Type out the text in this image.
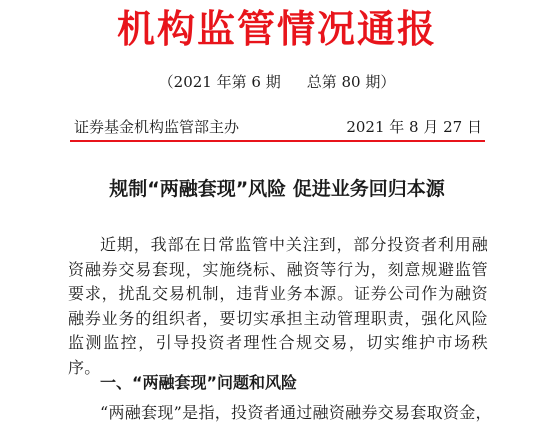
机构监管情况通报
（2021 年第 6 期 总第 80 期）
证券基金机构监管部主办	2021 年 8 月 27 日
规制“两融套现”风险 促进业务回归本源

近期，我部在日常监管中关注到，部分投资者利用融资融券交易套现，实施绕标、融资等行为，刻意规避监管要求，扰乱交易机制，违背业务本源。证券公司作为融资融券业务的组织者，要切实承担主动管理职责，强化风险监测监控，引导投资者理性合规交易，切实维护市场秩序。

一、“两融套现”问题和风险

“两融套现”是指，投资者通过融资融券交易套取资金，
